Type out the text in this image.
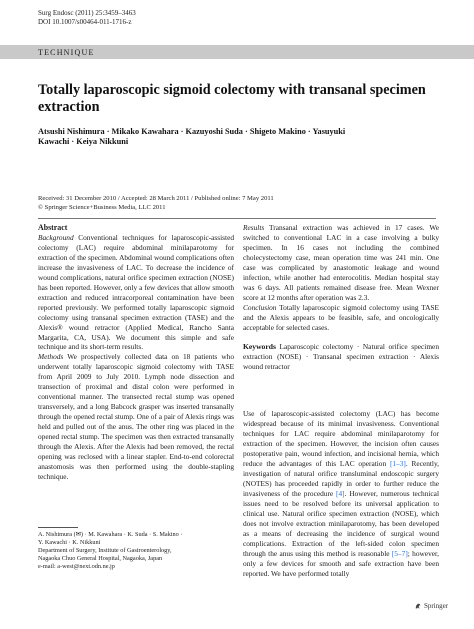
Surg Endosc (2011) 25:3459–3463
DOI 10.1007/s00464-011-1716-z
TECHNIQUE
Totally laparoscopic sigmoid colectomy with transanal specimen extraction
Atsushi Nishimura · Mikako Kawahara · Kazuyoshi Suda · Shigeto Makino · Yasuyuki Kawachi · Keiya Nikkuni
Received: 31 December 2010 / Accepted: 28 March 2011 / Published online: 7 May 2011
© Springer Science+Business Media, LLC 2011

Abstract

Background Conventional techniques for laparoscopic-assisted colectomy (LAC) require abdominal minilaparotomy for extraction of the specimen. Abdominal wound complications often increase the invasiveness of LAC. To decrease the incidence of wound complications, natural orifice specimen extraction (NOSE) has been reported. However, only a few devices that allow smooth extraction and reduced intracorporeal contamination have been reported previously. We performed totally laparoscopic sigmoid colectomy using transanal specimen extraction (TASE) and the Alexis® wound retractor (Applied Medical, Rancho Santa Margarita, CA, USA). We document this simple and safe technique and its short-term results.

Methods We prospectively collected data on 18 patients who underwent totally laparoscopic sigmoid colectomy with TASE from April 2009 to July 2010. Lymph node dissection and transection of proximal and distal colon were performed in conventional manner. The transected rectal stump was opened transversely, and a long Babcock grasper was inserted transanally through the opened rectal stump. One of a pair of Alexis rings was held and pulled out of the anus. The other ring was placed in the opened rectal stump. The specimen was then extracted transanally through the Alexis. After the Alexis had been removed, the rectal opening was reclosed with a linear stapler. End-to-end colorectal anastomosis was then performed using the double-stapling technique.

Results Transanal extraction was achieved in 17 cases. We switched to conventional LAC in a case involving a bulky specimen. In 16 cases not including the combined cholecystectomy case, mean operation time was 241 min. One case was complicated by anastomotic leakage and wound infection, while another had enterocolitis. Median hospital stay was 6 days. All patients remained disease free. Mean Wexner score at 12 months after operation was 2.3.

Conclusion Totally laparoscopic sigmoid colectomy using TASE and the Alexis appears to be feasible, safe, and oncologically acceptable for selected cases.

Keywords Laparoscopic colectomy · Natural orifice specimen extraction (NOSE) · Transanal specimen extraction · Alexis wound retractor

Use of laparoscopic-assisted colectomy (LAC) has become widespread because of its minimal invasiveness. Conventional techniques for LAC require abdominal minilaparotomy for extraction of the specimen. However, the incision often causes postoperative pain, wound infection, and incisional hernia, which reduce the advantages of this LAC operation [1–3]. Recently, investigation of natural orifice transluminal endoscopic surgery (NOTES) has proceeded rapidly in order to further reduce the invasiveness of the procedure [4]. However, numerous technical issues need to be resolved before its universal application to clinical use. Natural orifice specimen extraction (NOSE), which does not involve extraction minilaparotomy, has been developed as a means of decreasing the incidence of surgical wound complications. Extraction of the left-sided colon specimen through the anus using this method is reasonable [5–7]; however, only a few devices for smooth and safe extraction have been reported. We have performed totally

A. Nishimura (✉) · M. Kawahara · K. Suda · S. Makino ·
Y. Kawachi · K. Nikkuni
Department of Surgery, Institute of Gastroenterology,
Nagaoka Chuo General Hospital, Nagaoka, Japan
e-mail: a-west@next.odn.ne.jp
Springer
